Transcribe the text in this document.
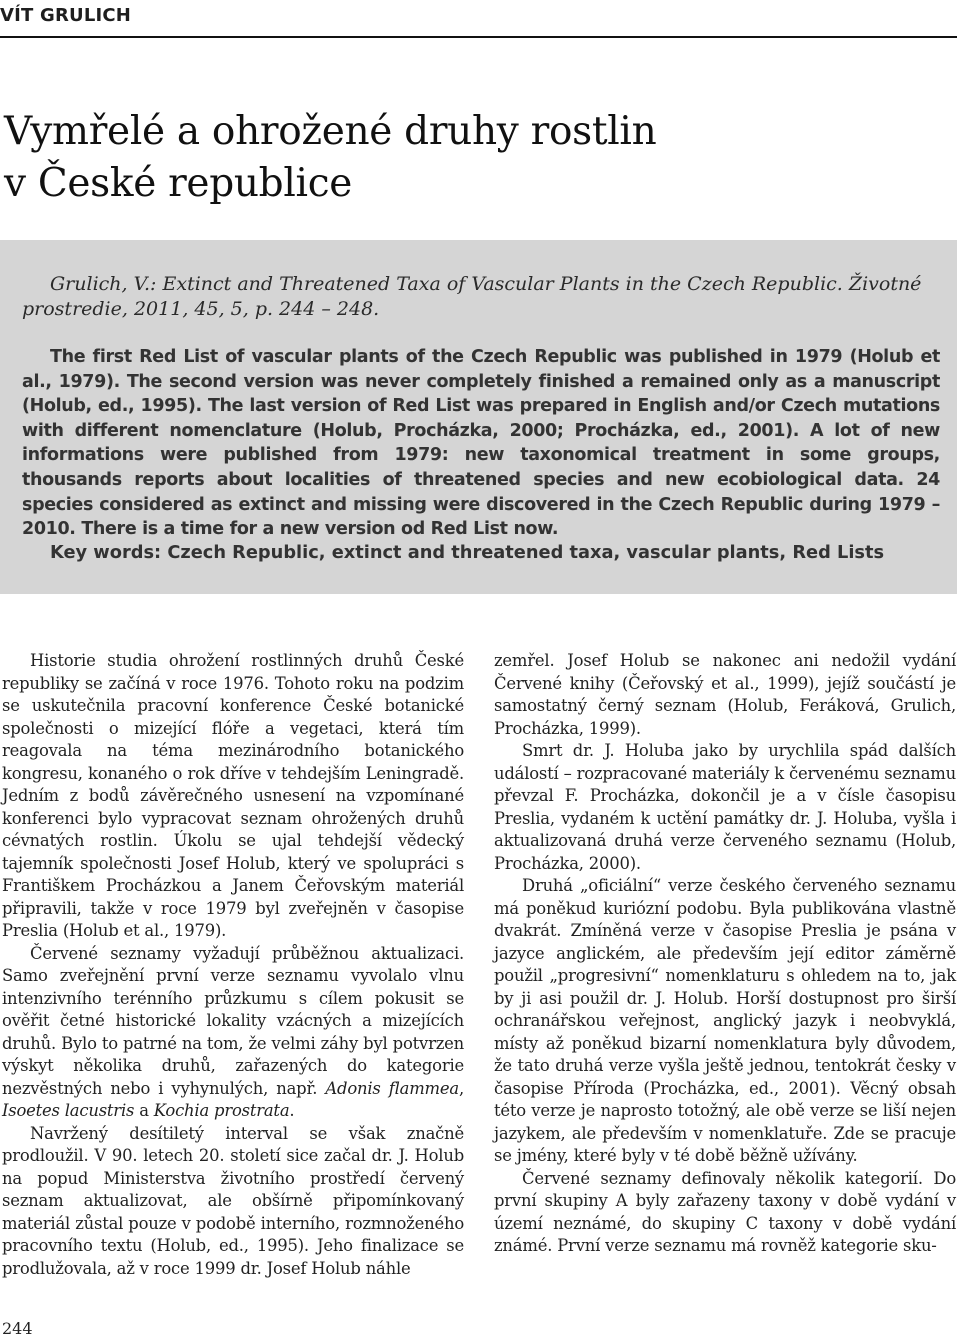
VÍT GRULICH
Vymřelé a ohrožené druhy rostlin
v České republice

Grulich, V.: Extinct and Threatened Taxa of Vascular Plants in the Czech Republic. Životné
prostredie, 2011, 45, 5, p. 244 – 248.

The first Red List of vascular plants of the Czech Republic was published in 1979 (Holub et al., 1979). The second version was never completely finished a remained only as a manuscript (Holub, ed., 1995). The last version of Red List was prepared in English and/or Czech mutations with different nomenclature (Holub, Procházka, 2000; Procházka, ed., 2001). A lot of new informations were published from 1979: new taxonomical treatment in some groups, thousands reports about localities of threatened species and new ecobiological data. 24 species considered as extinct and missing were discovered in the Czech Republic during 1979 – 2010. There is a time for a new version od Red List now.

Key words: Czech Republic, extinct and threatened taxa, vascular plants, Red Lists

Historie studia ohrožení rostlinných druhů České republiky se začíná v roce 1976. Tohoto roku na podzim se uskutečnila pracovní konference České botanické společnosti o mizející flóře a vegetaci, která tím reagovala na téma mezinárodního botanického kongresu, konaného o rok dříve v tehdejším Leningradě. Jedním z bodů závěrečného usnesení na vzpomínané konferenci bylo vypracovat seznam ohrožených druhů cévnatých rostlin. Úkolu se ujal tehdejší vědecký tajemník společnosti Josef Holub, který ve spolupráci s Františkem Procházkou a Janem Čeřovským materiál připravili, takže v roce 1979 byl zveřejněn v časopise Preslia (Holub et al., 1979).

Červené seznamy vyžadují průběžnou aktualizaci. Samo zveřejnění první verze seznamu vyvolalo vlnu intenzivního terénního průzkumu s cílem pokusit se ověřit četné historické lokality vzácných a mizejících druhů. Bylo to patrné na tom, že velmi záhy byl potvrzen výskyt několika druhů, zařazených do kategorie nezvěstných nebo i vyhynulých, např. Adonis flammea, Isoetes lacustris a Kochia prostrata.

Navržený desítiletý interval se však značně prodloužil. V 90. letech 20. století sice začal dr. J. Holub na popud Ministerstva životního prostředí červený seznam aktualizovat, ale obšírně připomínkovaný materiál zůstal pouze v podobě interního, rozmnoženého pracovního textu (Holub, ed., 1995). Jeho finalizace se prodlužovala, až v roce 1999 dr. Josef Holub náhle

zemřel. Josef Holub se nakonec ani nedožil vydání Červené knihy (Čeřovský et al., 1999), jejíž součástí je samostatný černý seznam (Holub, Feráková, Grulich, Procházka, 1999).

Smrt dr. J. Holuba jako by urychlila spád dalších událostí – rozpracované materiály k červenému seznamu převzal F. Procházka, dokončil je a v čísle časopisu Preslia, vydaném k uctění památky dr. J. Holuba, vyšla i aktualizovaná druhá verze červeného seznamu (Holub, Procházka, 2000).

Druhá „oficiální“ verze českého červeného seznamu má poněkud kuriózní podobu. Byla publikována vlastně dvakrát. Zmíněná verze v časopise Preslia je psána v jazyce anglickém, ale především její editor záměrně použil „progresivní“ nomenklaturu s ohledem na to, jak by ji asi použil dr. J. Holub. Horší dostupnost pro širší ochranářskou veřejnost, anglický jazyk i neobvyklá, místy až poněkud bizarní nomenklatura byly důvodem, že tato druhá verze vyšla ještě jednou, tentokrát česky v časopise Příroda (Procházka, ed., 2001). Věcný obsah této verze je naprosto totožný, ale obě verze se liší nejen jazykem, ale především v nomenklatuře. Zde se pracuje se jmény, které byly v té době běžně užívány.

Červené seznamy definovaly několik kategorií. Do první skupiny A byly zařazeny taxony v době vydání v území neznámé, do skupiny C taxony v době vydání známé. První verze seznamu má rovněž kategorie sku-

244
